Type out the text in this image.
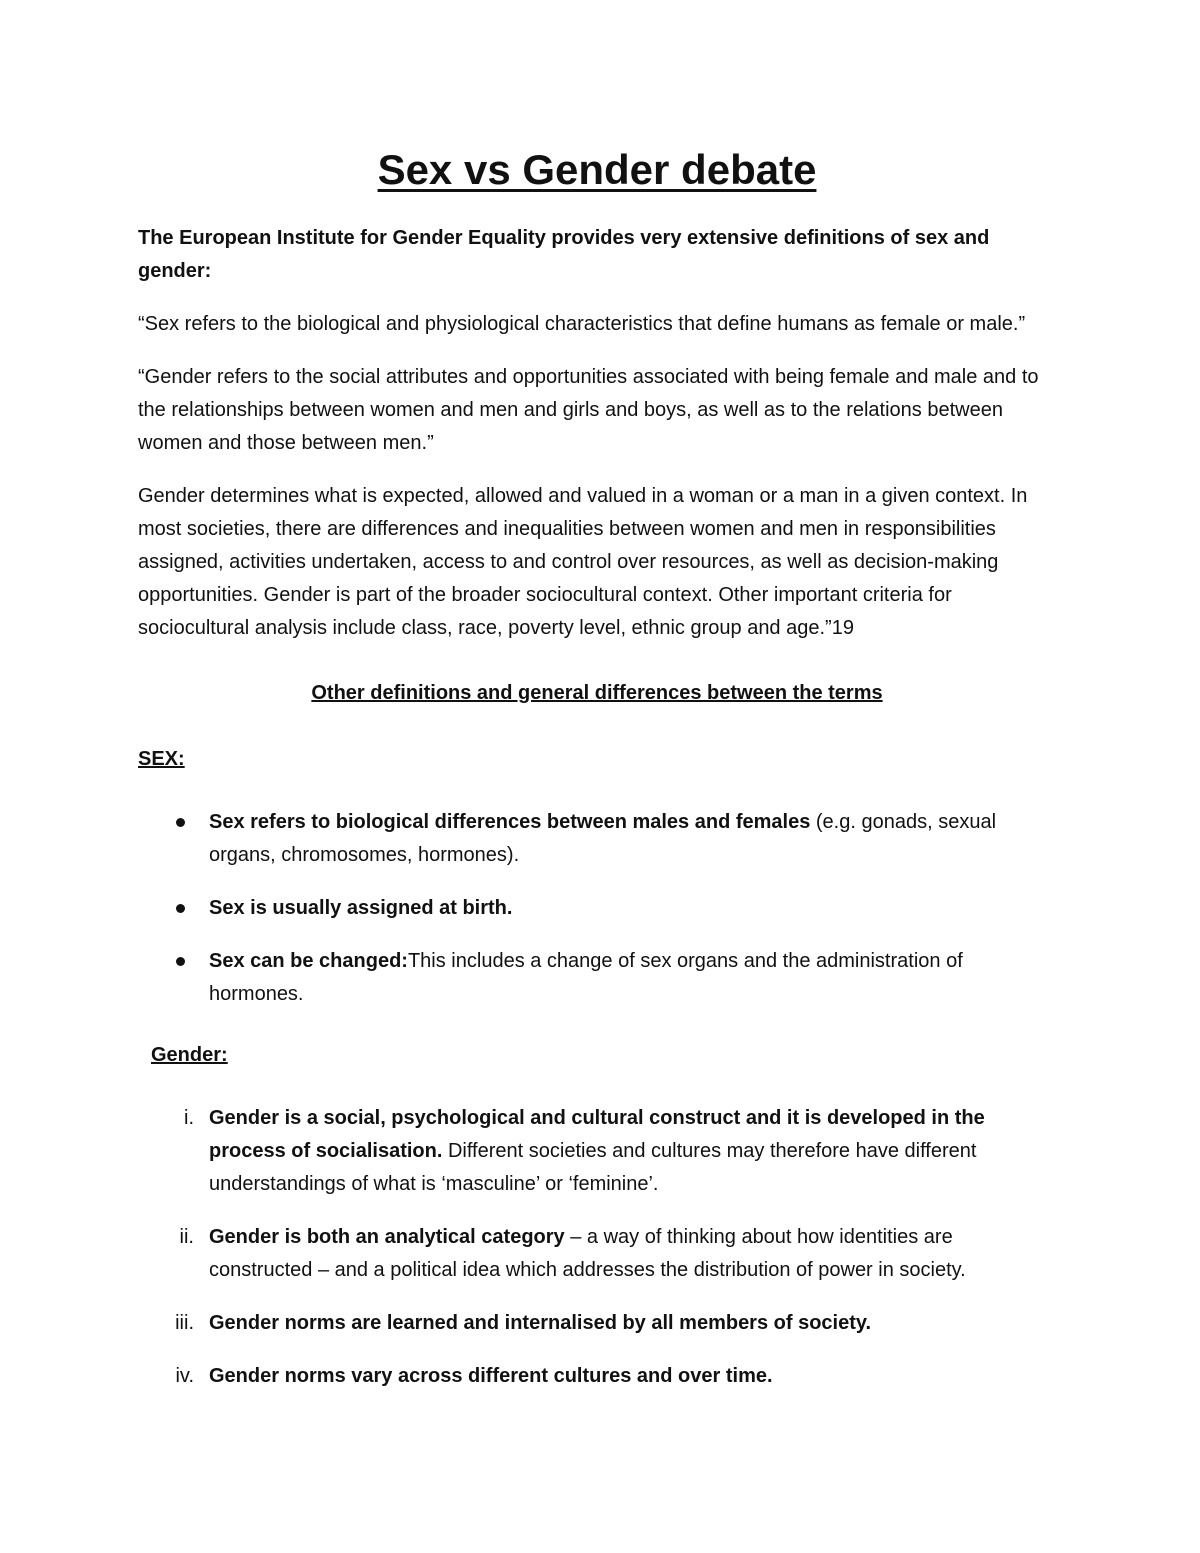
Sex vs Gender debate

The European Institute for Gender Equality provides very extensive definitions of sex and gender:

“Sex refers to the biological and physiological characteristics that define humans as female or male.”

“Gender refers to the social attributes and opportunities associated with being female and male and to the relationships between women and men and girls and boys, as well as to the relations between women and those between men.”

Gender determines what is expected, allowed and valued in a woman or a man in a given context. In most societies, there are differences and inequalities between women and men in responsibilities assigned, activities undertaken, access to and control over resources, as well as decision-making opportunities. Gender is part of the broader sociocultural context. Other important criteria for sociocultural analysis include class, race, poverty level, ethnic group and age.”19

Other definitions and general differences between the terms
SEX:
Sex refers to biological differences between males and females (e.g. gonads, sexual organs, chromosomes, hormones).
Sex is usually assigned at birth.
Sex can be changed:This includes a change of sex organs and the administration of hormones.
Gender:
i. Gender is a social, psychological and cultural construct and it is developed in the process of socialisation. Different societies and cultures may therefore have different understandings of what is ‘masculine’ or ‘feminine’.
ii. Gender is both an analytical category – a way of thinking about how identities are constructed – and a political idea which addresses the distribution of power in society.
iii. Gender norms are learned and internalised by all members of society.
iv. Gender norms vary across different cultures and over time.
